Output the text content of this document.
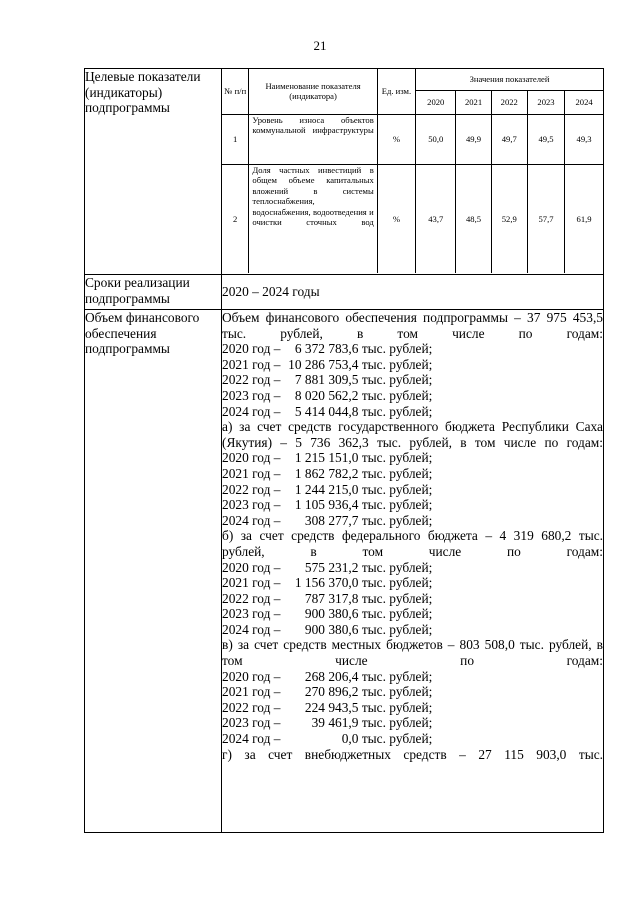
21
Целевые показатели (индикаторы) подпрограммы	
№ п/п	Наименование показателя (индикатора)	Ед. изм.	Значения показателей
2020	2021	2022	2023	2024
1	Уровень износа объектов коммунальной инфраструктуры	%	50,0	49,9	49,7	49,5	49,3
2	Доля частных инвестиций в общем объеме капитальных вложений в системы теплоснабжения, водоснабжения, водоотведения и очистки сточных вод	%	43,7	48,5	52,9	57,7	61,9

Сроки реализации подпрограммы	2020 – 2024 годы
Объем финансового обеспечения подпрограммы	
Объем финансового обеспечения подпрограммы – 37 975 453,5 тыс. рублей, в том числе по годам:
2020 год – 6 372 783,6 тыс. рублей;
2021 год – 10 286 753,4 тыс. рублей;
2022 год – 7 881 309,5 тыс. рублей;
2023 год – 8 020 562,2 тыс. рублей;
2024 год – 5 414 044,8 тыс. рублей;
а) за счет средств государственного бюджета Республики Саха (Якутия) – 5 736 362,3 тыс. рублей, в том числе по годам:
2020 год – 1 215 151,0 тыс. рублей;
2021 год – 1 862 782,2 тыс. рублей;
2022 год – 1 244 215,0 тыс. рублей;
2023 год – 1 105 936,4 тыс. рублей;
2024 год – 308 277,7 тыс. рублей;
б) за счет средств федерального бюджета – 4 319 680,2 тыс. рублей, в том числе по годам:
2020 год – 575 231,2 тыс. рублей;
2021 год – 1 156 370,0 тыс. рублей;
2022 год – 787 317,8 тыс. рублей;
2023 год – 900 380,6 тыс. рублей;
2024 год – 900 380,6 тыс. рублей;
в) за счет средств местных бюджетов – 803 508,0 тыс. рублей, в том числе по годам:
2020 год – 268 206,4 тыс. рублей;
2021 год – 270 896,2 тыс. рублей;
2022 год – 224 943,5 тыс. рублей;
2023 год – 39 461,9 тыс. рублей;
2024 год –	0,0 тыс. рублей;
г) за счет внебюджетных средств – 27 115 903,0 тыс.
